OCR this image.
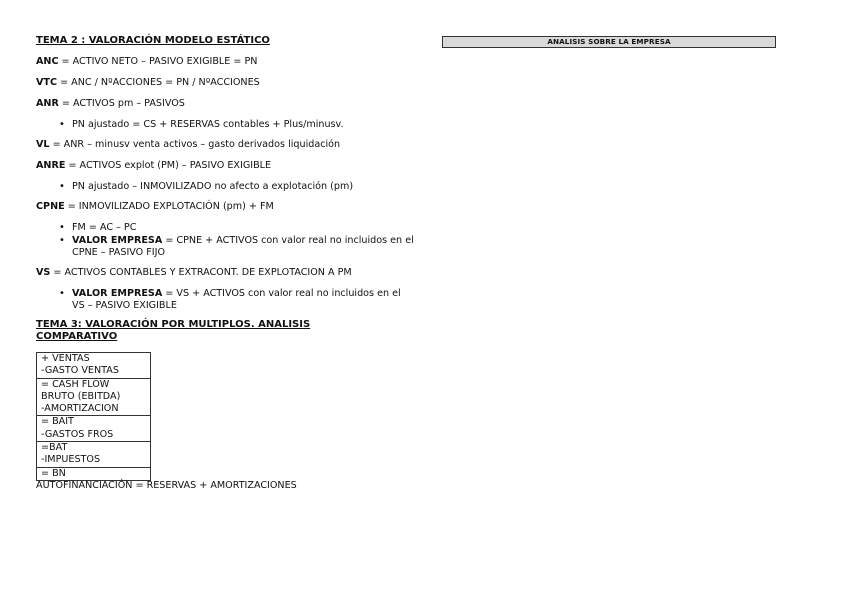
TEMA 2 : VALORACIÓN MODELO ESTÁTICO
ANC = ACTIVO NETO – PASIVO EXIGIBLE = PN
VTC = ANC / NºACCIONES = PN / NºACCIONES
ANR = ACTIVOS pm – PASIVOS
• PN ajustado = CS + RESERVAS contables + Plus/minusv.
VL = ANR – minusv venta activos – gasto derivados liquidación
ANRE = ACTIVOS explot (PM) – PASIVO EXIGIBLE
• PN ajustado – INMOVILIZADO no afecto a explotación (pm)
CPNE = INMOVILIZADO EXPLOTACIÓN (pm) + FM
• FM = AC – PC
• VALOR EMPRESA = CPNE + ACTIVOS con valor real no incluidos en el CPNE – PASIVO FIJO
VS = ACTIVOS CONTABLES Y EXTRACONT. DE EXPLOTACION A PM
• VALOR EMPRESA = VS + ACTIVOS con valor real no incluidos en el VS – PASIVO EXIGIBLE
TEMA 3: VALORACIÓN POR MULTIPLOS. ANALISIS COMPARATIVO
+ VENTAS
-GASTO VENTAS

= CASH FLOW
BRUTO (EBITDA)
-AMORTIZACION

= BAIT
-GASTOS FROS

=BAT
-IMPUESTOS

= BN
AUTOFINANCIACIÓN = RESERVAS + AMORTIZACIONES
ANALISIS SOBRE LA EMPRESA
